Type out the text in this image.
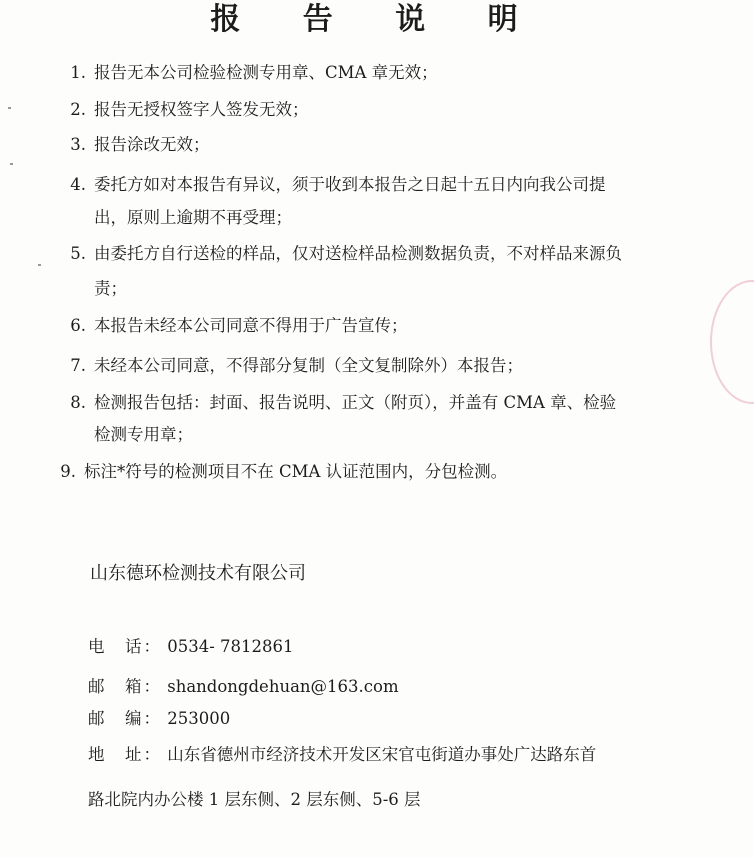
报 告 说 明
1. 报告无本公司检验检测专用章、CMA 章无效；
2. 报告无授权签字人签发无效；
3. 报告涂改无效；
4. 委托方如对本报告有异议，须于收到本报告之日起十五日内向我公司提
出，原则上逾期不再受理；
5. 由委托方自行送检的样品，仅对送检样品检测数据负责，不对样品来源负
责；
6. 本报告未经本公司同意不得用于广告宣传；
7. 未经本公司同意，不得部分复制（全文复制除外）本报告；
8. 检测报告包括：封面、报告说明、正文（附页），并盖有 CMA 章、检验
检测专用章；
9. 标注*符号的检测项目不在 CMA 认证范围内，分包检测。
山东德环检测技术有限公司
电　话： 0534- 7812861
邮　箱： shandongdehuan@163.com
邮　编： 253000
地　址： 山东省德州市经济技术开发区宋官屯街道办事处广达路东首
路北院内办公楼 1 层东侧、2 层东侧、5-6 层
